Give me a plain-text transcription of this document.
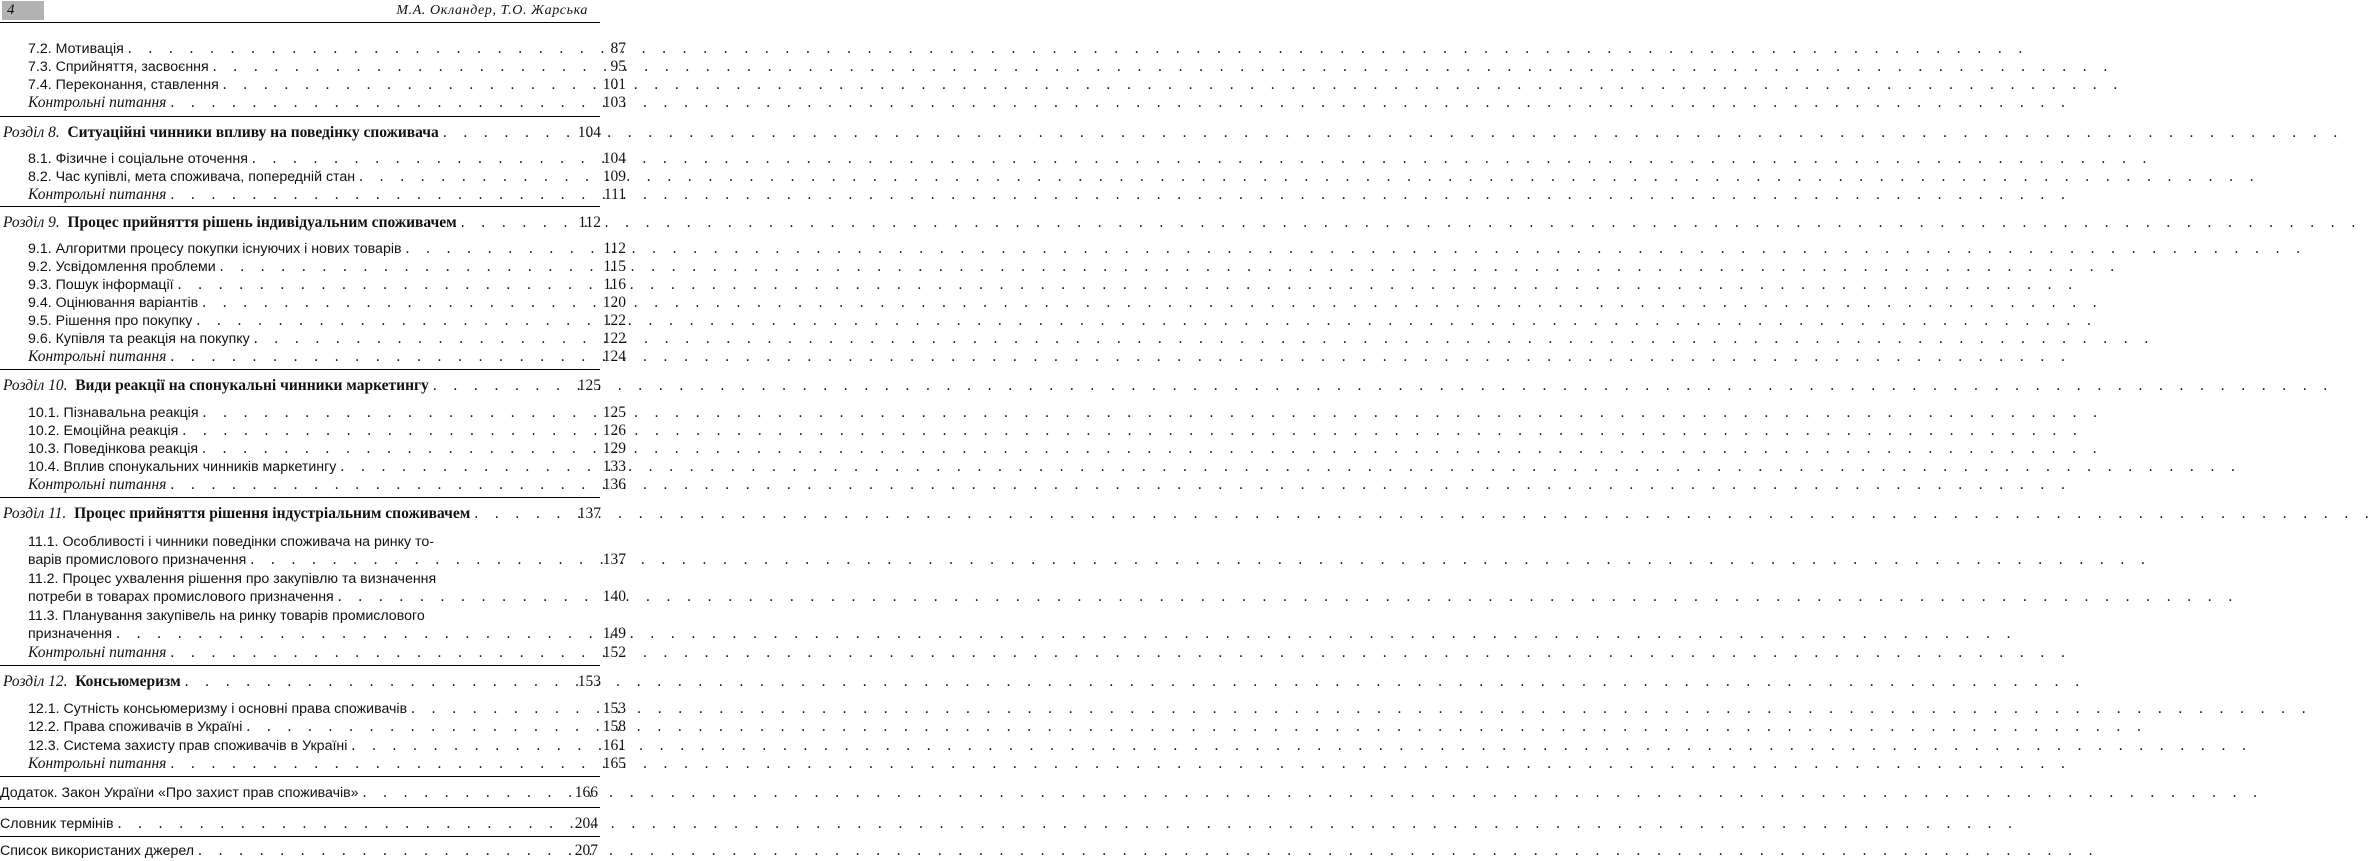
4	М.А. Окландер, Т.О. Жарська
7.2. Мотивація . . .	87
7.3. Сприйняття, засвоєння . . .	95
7.4. Переконання, ставлення . . .	101
Контрольні питання . . .	103
Розділ 8. Ситуаційні чинники впливу на поведінку споживача . . .	104
8.1. Фізичне і соціальне оточення . . .	104
8.2. Час купівлі, мета споживача, попередній стан . . .	109
Контрольні питання . . .	111
Розділ 9. Процес прийняття рішень індивідуальним споживачем . . .	112
9.1. Алгоритми процесу покупки існуючих і нових товарів . . .	112
9.2. Усвідомлення проблеми . . .	115
9.3. Пошук інформації . . .	116
9.4. Оцінювання варіантів . . .	120
9.5. Рішення про покупку . . .	122
9.6. Купівля та реакція на покупку . . .	122
Контрольні питання . . .	124
Розділ 10. Види реакції на спонукальні чинники маркетингу . . .	125
10.1. Пізнавальна реакція . . .	125
10.2. Емоційна реакція . . .	126
10.3. Поведінкова реакція . . .	129
10.4. Вплив спонукальних чинників маркетингу . . .	133
Контрольні питання . . .	136
Розділ 11. Процес прийняття рішення індустріальним споживачем . . .	137
11.1. Особливості і чинники поведінки споживача на ринку то-
варів промислового призначення . . .	137
11.2. Процес ухвалення рішення про закупівлю та визначення
потреби в товарах промислового призначення . . .	140
11.3. Планування закупівель на ринку товарів промислового
призначення . . .	149
Контрольні питання . . .	152
Розділ 12. Консьюмеризм . . .	153
12.1. Сутність консьюмеризму і основні права споживачів . . .	153
12.2. Права споживачів в Україні . . .	158
12.3. Система захисту прав споживачів в Україні . . .	161
Контрольні питання . . .	165
Додаток. Закон України «Про захист прав споживачів» . . .	166
Словник термінів . . .	204
Список використаних джерел . . .	207
